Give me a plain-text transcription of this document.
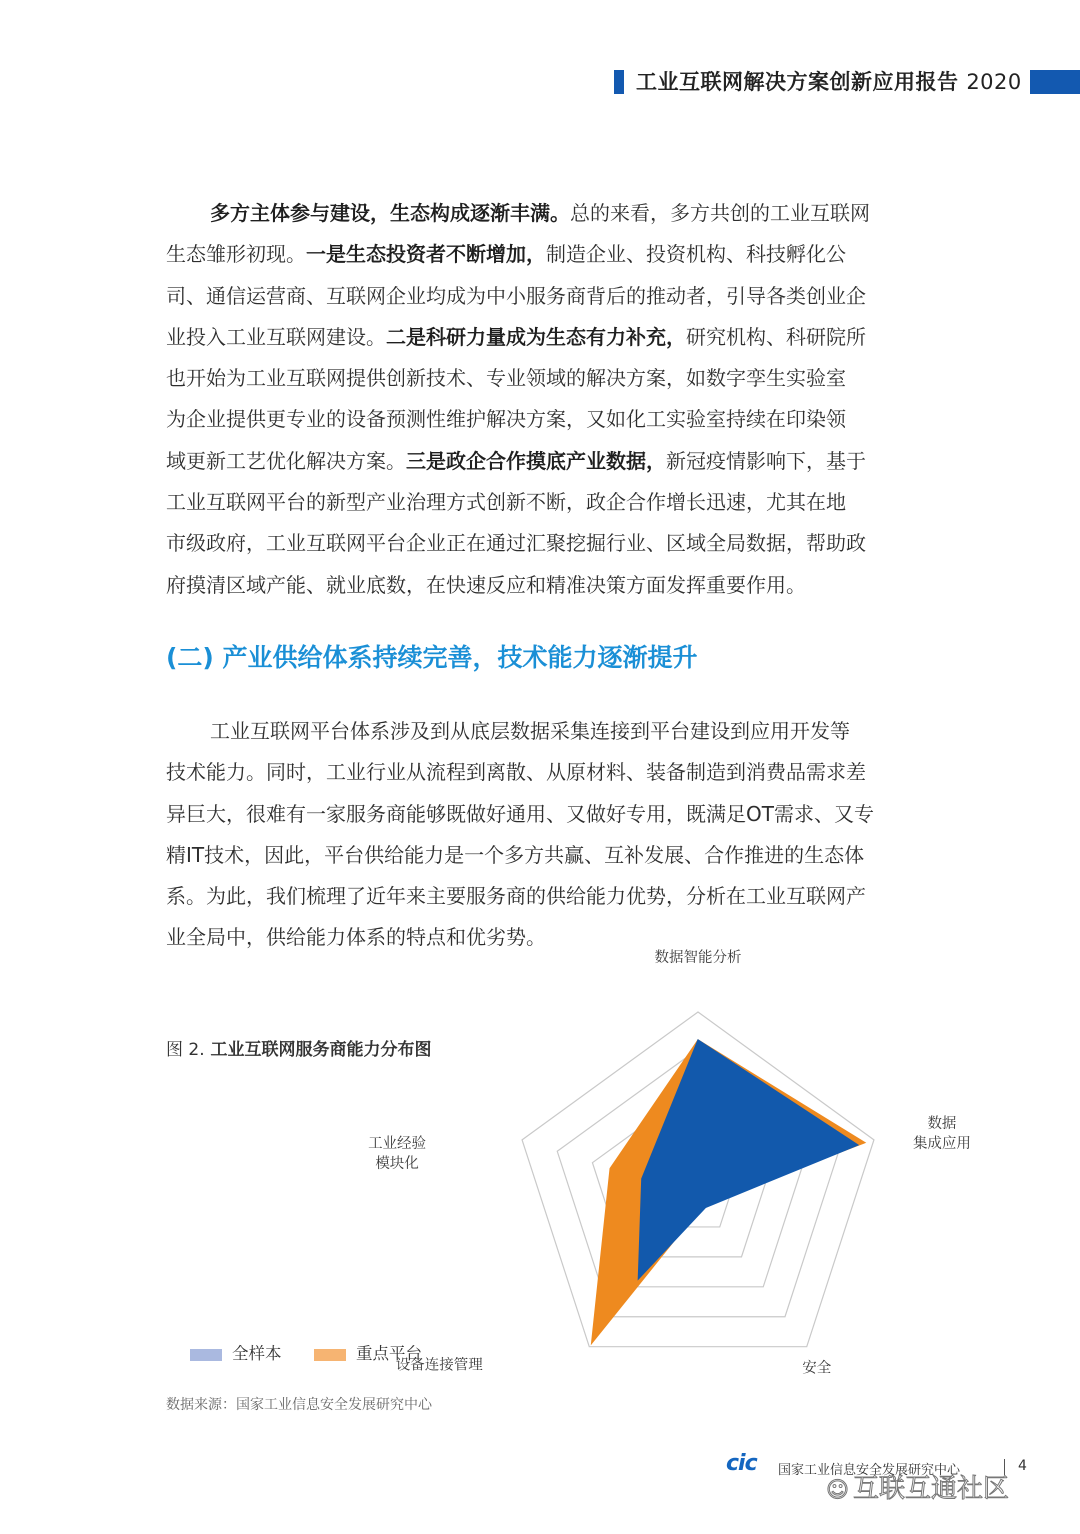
工业互联网解决方案创新应用报告 2020
多方主体参与建设，生态构成逐渐丰满。总的来看，多方共创的工业互联网
生态雏形初现。一是生态投资者不断增加，制造企业、投资机构、科技孵化公
司、通信运营商、互联网企业均成为中小服务商背后的推动者，引导各类创业企
业投入工业互联网建设。二是科研力量成为生态有力补充，研究机构、科研院所
也开始为工业互联网提供创新技术、专业领域的解决方案，如数字孪生实验室
为企业提供更专业的设备预测性维护解决方案，又如化工实验室持续在印染领
域更新工艺优化解决方案。三是政企合作摸底产业数据，新冠疫情影响下，基于
工业互联网平台的新型产业治理方式创新不断，政企合作增长迅速，尤其在地
市级政府，工业互联网平台企业正在通过汇聚挖掘行业、区域全局数据，帮助政
府摸清区域产能、就业底数，在快速反应和精准决策方面发挥重要作用。
(二) 产业供给体系持续完善，技术能力逐渐提升
工业互联网平台体系涉及到从底层数据采集连接到平台建设到应用开发等
技术能力。同时，工业行业从流程到离散、从原材料、装备制造到消费品需求差
异巨大，很难有一家服务商能够既做好通用、又做好专用，既满足OT需求、又专
精IT技术，因此，平台供给能力是一个多方共赢、互补发展、合作推进的生态体
系。为此，我们梳理了近年来主要服务商的供给能力优势，分析在工业互联网产
业全局中，供给能力体系的特点和优劣势。
图 2. 工业互联网服务商能力分布图
数据智能分析
数据集成应用
安全
设备连接管理
工业经验模块化
全样本	重点平台
数据来源：国家工业信息安全发展研究中心
cic 国家工业信息安全发展研究中心	4
☺ 互联互通社区
